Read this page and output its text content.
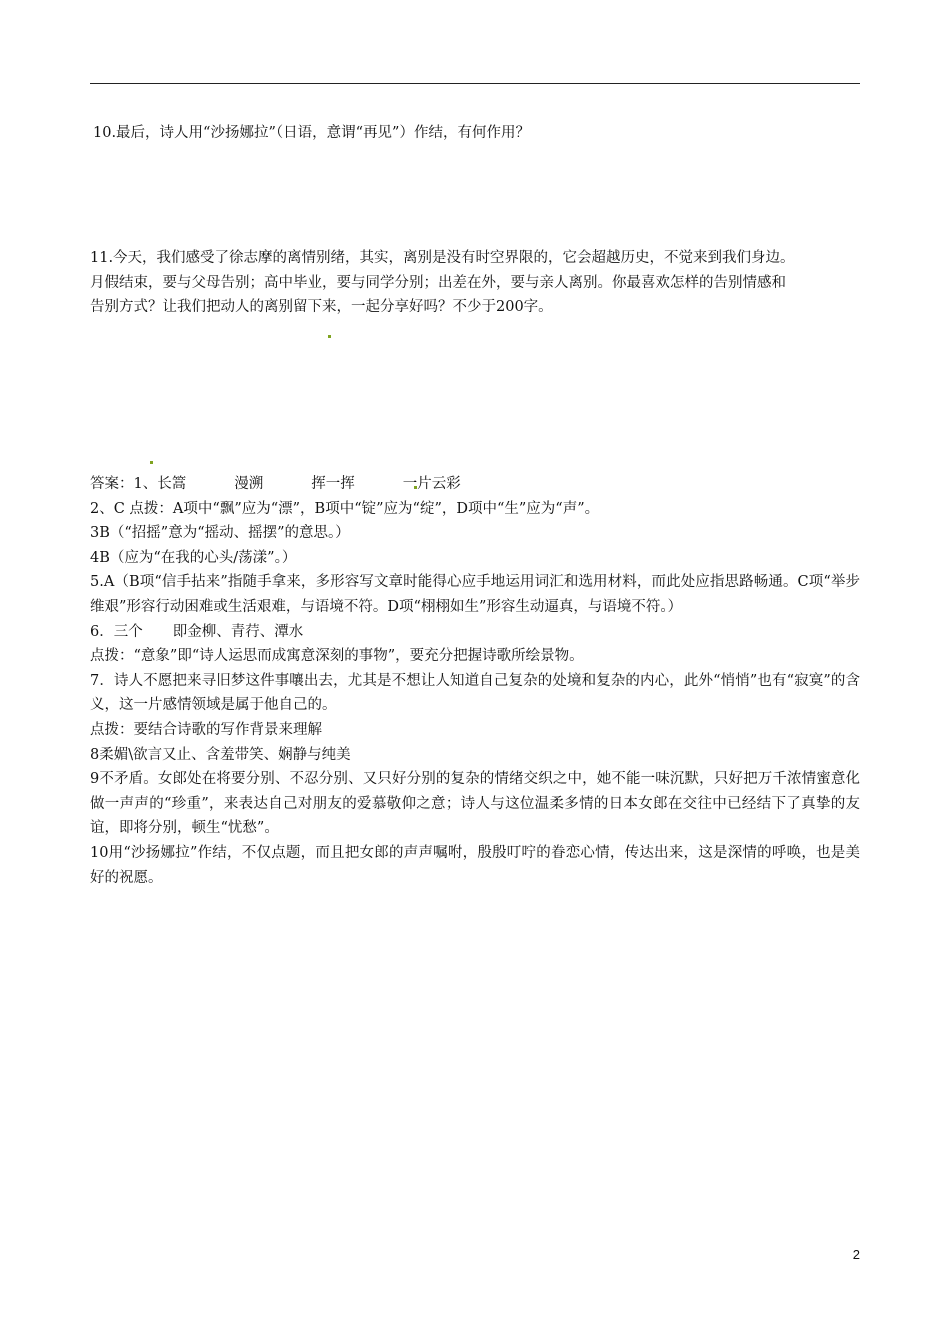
10.最后，诗人用“沙扬娜拉”（日语，意谓“再见”）作结，有何作用？

11.今天，我们感受了徐志摩的离情别绪，其实，离别是没有时空界限的，它会超越历史，不觉来到我们身边。

月假结束，要与父母告别；高中毕业，要与同学分别；出差在外，要与亲人离别。你最喜欢怎样的告别情感和

告别方式？让我们把动人的离别留下来，一起分享好吗？不少于200字。

答案：1、长篙	漫溯	挥一挥	一片云彩

2、C 点拨：A项中“飘”应为“漂”，B项中“锭”应为“绽”，D项中“生”应为“声”。

3B（“招摇”意为“摇动、摇摆”的意思。）

4B（应为“在我的心头/荡漾”。）

5.A（B项“信手拈来”指随手拿来，多形容写文章时能得心应手地运用词汇和选用材料，而此处应指思路畅通。C项“举步维艰”形容行动困难或生活艰难，与语境不符。D项“栩栩如生”形容生动逼真，与语境不符。）

6．三个 即金柳、青荇、潭水

点拨：“意象”即“诗人运思而成寓意深刻的事物”，要充分把握诗歌所绘景物。

7．诗人不愿把来寻旧梦这件事嚷出去，尤其是不想让人知道自己复杂的处境和复杂的内心，此外“悄悄”也有“寂寞”的含义，这一片感情领域是属于他自己的。

点拨：要结合诗歌的写作背景来理解

8柔媚\欲言又止、含羞带笑、娴静与纯美

9不矛盾。女郎处在将要分别、不忍分别、又只好分别的复杂的情绪交织之中，她不能一味沉默，只好把万千浓情蜜意化做一声声的“珍重”，来表达自己对朋友的爱慕敬仰之意；诗人与这位温柔多情的日本女郎在交往中已经结下了真挚的友谊，即将分别，顿生“忧愁”。

10用“沙扬娜拉”作结，不仅点题，而且把女郎的声声嘱咐，殷殷叮咛的眷恋心情，传达出来，这是深情的呼唤，也是美好的祝愿。

2
